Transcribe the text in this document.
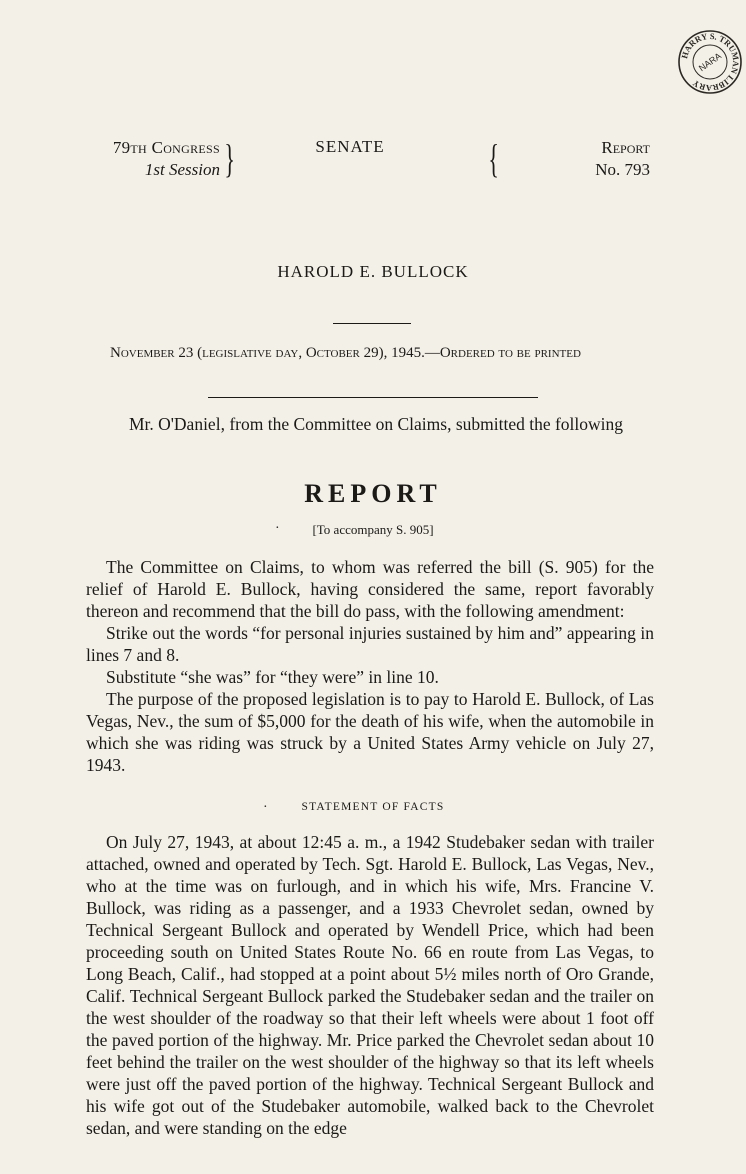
HARRY S. TRUMAN LIBRARY
NARA
79th Congress
1st Session }	SENATE	{	Report
No. 793
HAROLD E. BULLOCK
November 23 (legislative day, October 29), 1945.—Ordered to be printed
Mr. O'Daniel, from the Committee on Claims, submitted the following
REPORT
·	[To accompany S. 905]

The Committee on Claims, to whom was referred the bill (S. 905) for the relief of Harold E. Bullock, having considered the same, report favorably thereon and recommend that the bill do pass, with the following amendment:

Strike out the words “for personal injuries sustained by him and” appearing in lines 7 and 8.

Substitute “she was” for “they were” in line 10.

The purpose of the proposed legislation is to pay to Harold E. Bullock, of Las Vegas, Nev., the sum of $5,000 for the death of his wife, when the automobile in which she was riding was struck by a United States Army vehicle on July 27, 1943.

·	STATEMENT OF FACTS

On July 27, 1943, at about 12:45 a. m., a 1942 Studebaker sedan with trailer attached, owned and operated by Tech. Sgt. Harold E. Bullock, Las Vegas, Nev., who at the time was on furlough, and in which his wife, Mrs. Francine V. Bullock, was riding as a passenger, and a 1933 Chevrolet sedan, owned by Technical Sergeant Bullock and operated by Wendell Price, which had been proceeding south on United States Route No. 66 en route from Las Vegas, to Long Beach, Calif., had stopped at a point about 5½ miles north of Oro Grande, Calif. Technical Sergeant Bullock parked the Studebaker sedan and the trailer on the west shoulder of the roadway so that their left wheels were about 1 foot off the paved portion of the highway. Mr. Price parked the Chevrolet sedan about 10 feet behind the trailer on the west shoulder of the highway so that its left wheels were just off the paved portion of the highway. Technical Sergeant Bullock and his wife got out of the Studebaker automobile, walked back to the Chevrolet sedan, and were standing on the edge
